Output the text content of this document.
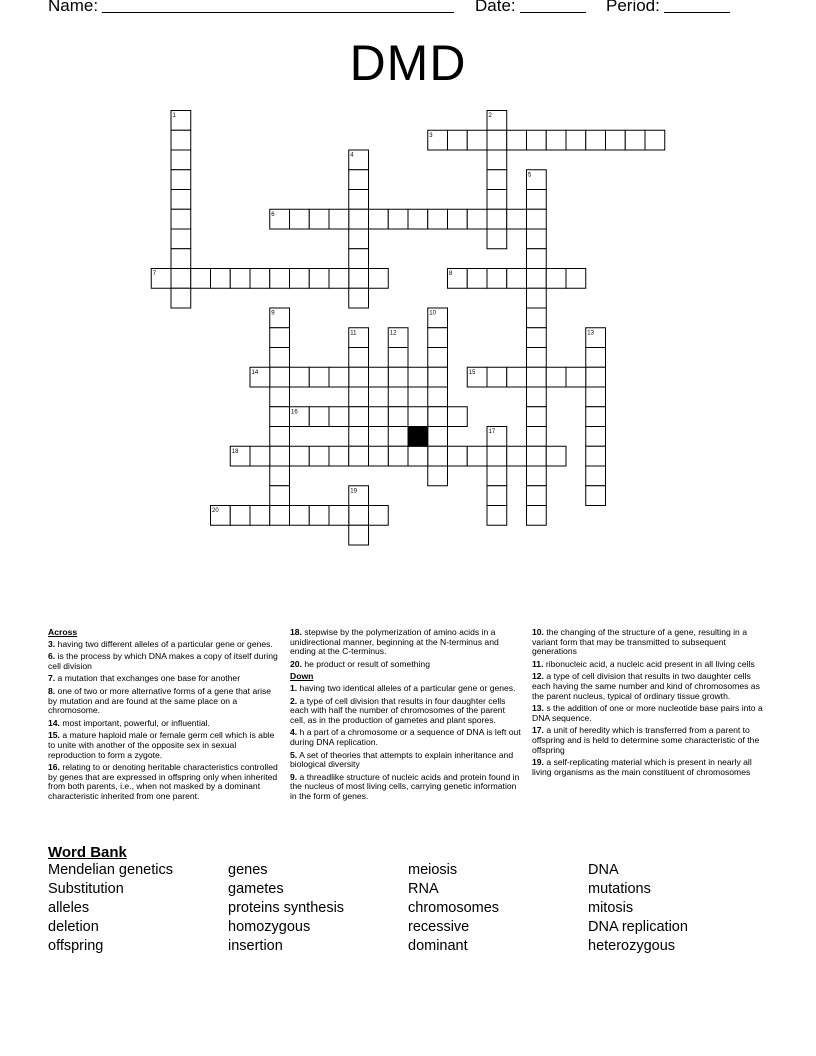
Name:	Date:	Period:
DMD
1	2
3
4
5
6
7	8
9	10
11	12	13
14	15
16
17
18
19
20
Across
3. having two different alleles of a particular gene or genes.
6. is the process by which DNA makes a copy of itself during cell division
7. a mutation that exchanges one base for another
8. one of two or more alternative forms of a gene that arise by mutation and are found at the same place on a chromosome.
14. most important, powerful, or influential.
15. a mature haploid male or female germ cell which is able to unite with another of the opposite sex in sexual reproduction to form a zygote.
16. relating to or denoting heritable characteristics controlled by genes that are expressed in offspring only when inherited from both parents, i.e., when not masked by a dominant characteristic inherited from one parent.
18. stepwise by the polymerization of amino acids in a unidirectional manner, beginning at the N-terminus and ending at the C-terminus.
20. he product or result of something
Down
1. having two identical alleles of a particular gene or genes.
2. a type of cell division that results in four daughter cells each with half the number of chromosomes of the parent cell, as in the production of gametes and plant spores.
4. h a part of a chromosome or a sequence of DNA is left out during DNA replication.
5. A set of theories that attempts to explain inheritance and biological diversity
9. a threadlike structure of nucleic acids and protein found in the nucleus of most living cells, carrying genetic information in the form of genes.
10. the changing of the structure of a gene, resulting in a variant form that may be transmitted to subsequent generations
11. ribonucleic acid, a nucleic acid present in all living cells
12. a type of cell division that results in two daughter cells each having the same number and kind of chromosomes as the parent nucleus, typical of ordinary tissue growth.
13. s the addition of one or more nucleotide base pairs into a DNA sequence.
17. a unit of heredity which is transferred from a parent to offspring and is held to determine some characteristic of the offspring
19. a self-replicating material which is present in nearly all living organisms as the main constituent of chromosomes
Word Bank
Mendelian genetics	genes	meiosis	DNA
Substitution	gametes	RNA	mutations
alleles	proteins synthesis	chromosomes	mitosis
deletion	homozygous	recessive	DNA replication
offspring	insertion	dominant	heterozygous
